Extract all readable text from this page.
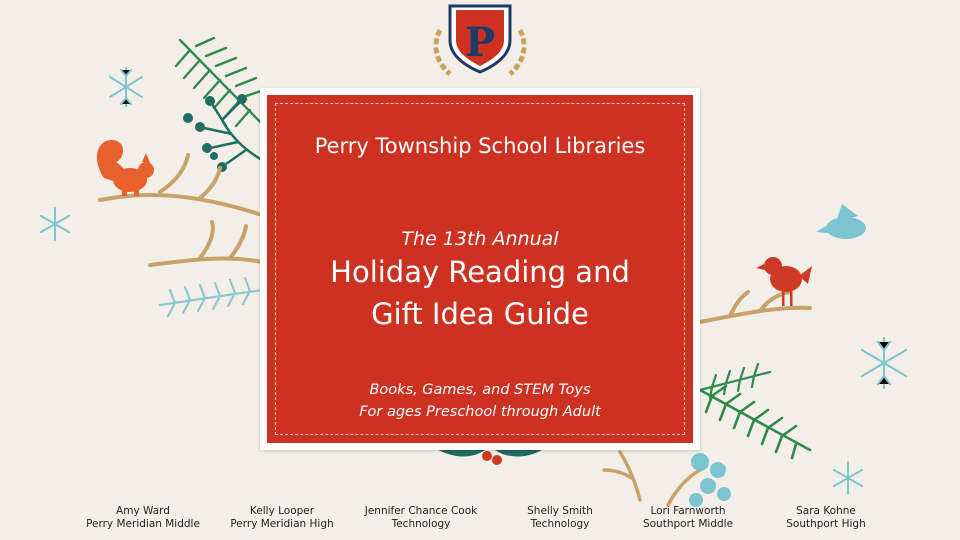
P
Perry Township School Libraries
The 13th Annual
Holiday Reading and
Gift Idea Guide
Books, Games, and STEM Toys
For ages Preschool through Adult
Amy Ward
Perry Meridian Middle
Kelly Looper
Perry Meridian High
Jennifer Chance Cook
Technology
Shelly Smith
Technology
Lori Farnworth
Southport Middle
Sara Kohne
Southport High
